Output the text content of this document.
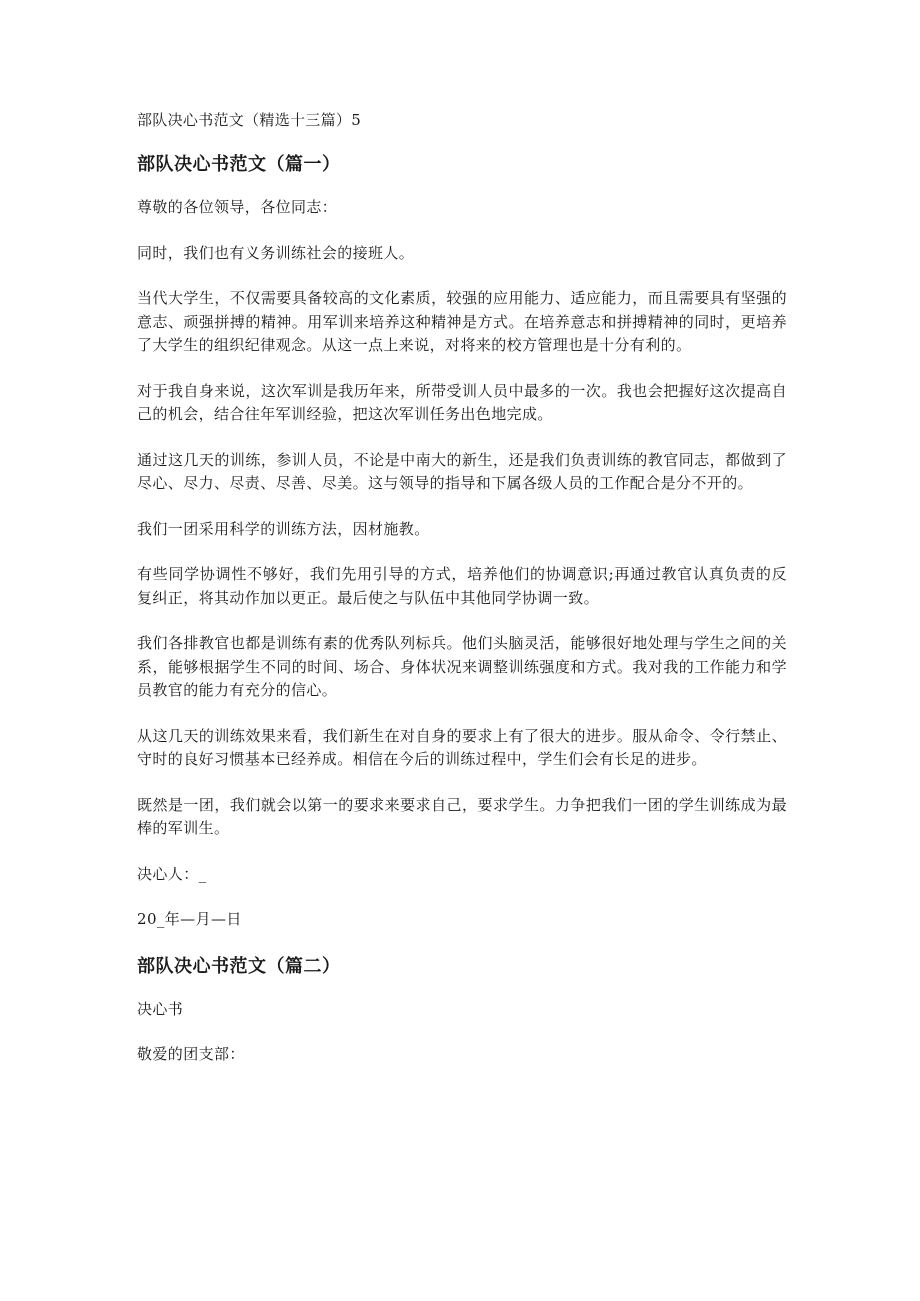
部队决心书范文（精选十三篇）5

部队决心书范文（篇一）

尊敬的各位领导，各位同志：

同时，我们也有义务训练社会的接班人。

当代大学生，不仅需要具备较高的文化素质，较强的应用能力、适应能力，而且需要具有坚强的意志、顽强拼搏的精神。用军训来培养这种精神是方式。在培养意志和拼搏精神的同时，更培养了大学生的组织纪律观念。从这一点上来说，对将来的校方管理也是十分有利的。

对于我自身来说，这次军训是我历年来，所带受训人员中最多的一次。我也会把握好这次提高自己的机会，结合往年军训经验，把这次军训任务出色地完成。

通过这几天的训练，参训人员，不论是中南大的新生，还是我们负责训练的教官同志，都做到了尽心、尽力、尽责、尽善、尽美。这与领导的指导和下属各级人员的工作配合是分不开的。

我们一团采用科学的训练方法，因材施教。

有些同学协调性不够好，我们先用引导的方式，培养他们的协调意识;再通过教官认真负责的反复纠正，将其动作加以更正。最后使之与队伍中其他同学协调一致。

我们各排教官也都是训练有素的优秀队列标兵。他们头脑灵活，能够很好地处理与学生之间的关系，能够根据学生不同的时间、场合、身体状况来调整训练强度和方式。我对我的工作能力和学员教官的能力有充分的信心。

从这几天的训练效果来看，我们新生在对自身的要求上有了很大的进步。服从命令、令行禁止、守时的良好习惯基本已经养成。相信在今后的训练过程中，学生们会有长足的进步。

既然是一团，我们就会以第一的要求来要求自己，要求学生。力争把我们一团的学生训练成为最棒的军训生。

决心人：_

20_年—月—日

部队决心书范文（篇二）

决心书

敬爱的团支部：
